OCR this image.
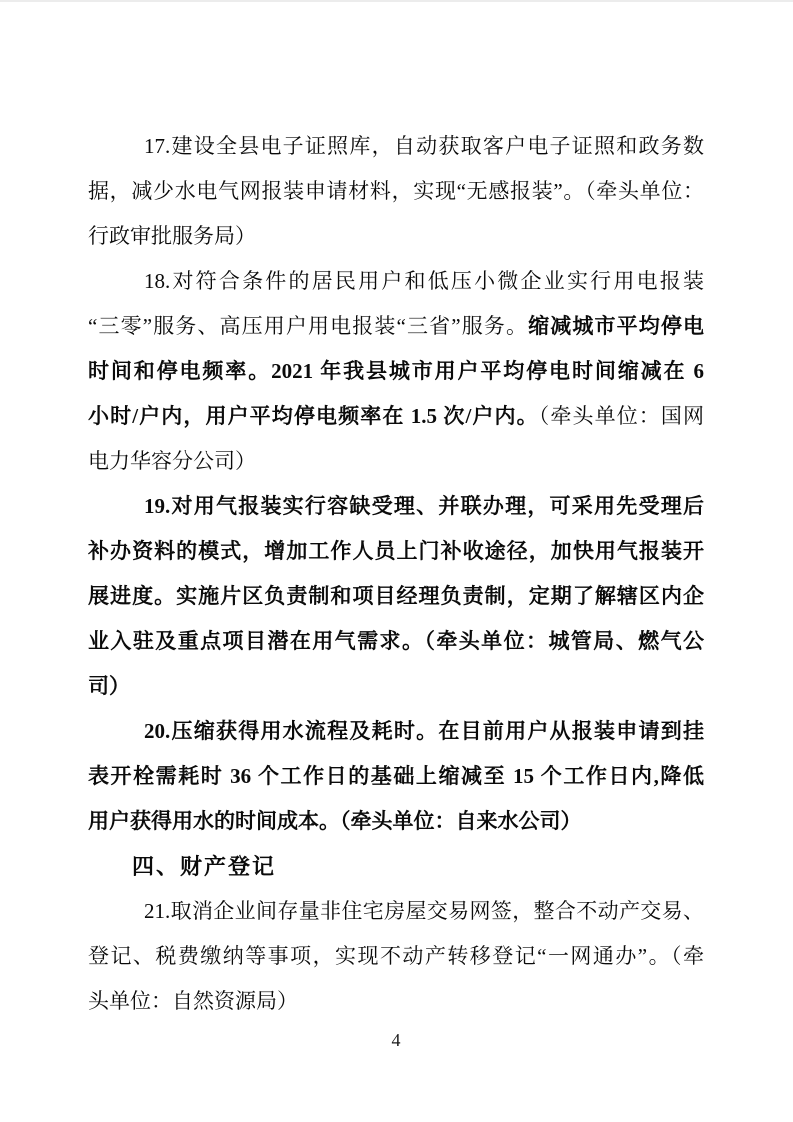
17.建设全县电子证照库，自动获取客户电子证照和政务数
据，减少水电气网报装申请材料，实现“无感报装”。（牵头单位：
行政审批服务局）
18.对符合条件的居民用户和低压小微企业实行用电报装
“三零”服务、高压用户用电报装“三省”服务。缩减城市平均停电
时间和停电频率。2021 年我县城市用户平均停电时间缩减在 6
小时/户内，用户平均停电频率在 1.5 次/户内。（牵头单位：国网
电力华容分公司）
19.对用气报装实行容缺受理、并联办理，可采用先受理后
补办资料的模式，增加工作人员上门补收途径，加快用气报装开
展进度。实施片区负责制和项目经理负责制，定期了解辖区内企
业入驻及重点项目潜在用气需求。（牵头单位：城管局、燃气公
司）
20.压缩获得用水流程及耗时。在目前用户从报装申请到挂
表开栓需耗时 36 个工作日的基础上缩减至 15 个工作日内,降低
用户获得用水的时间成本。（牵头单位：自来水公司）
四、财产登记
21.取消企业间存量非住宅房屋交易网签，整合不动产交易、
登记、税费缴纳等事项，实现不动产转移登记“一网通办”。（牵
头单位：自然资源局）
4
